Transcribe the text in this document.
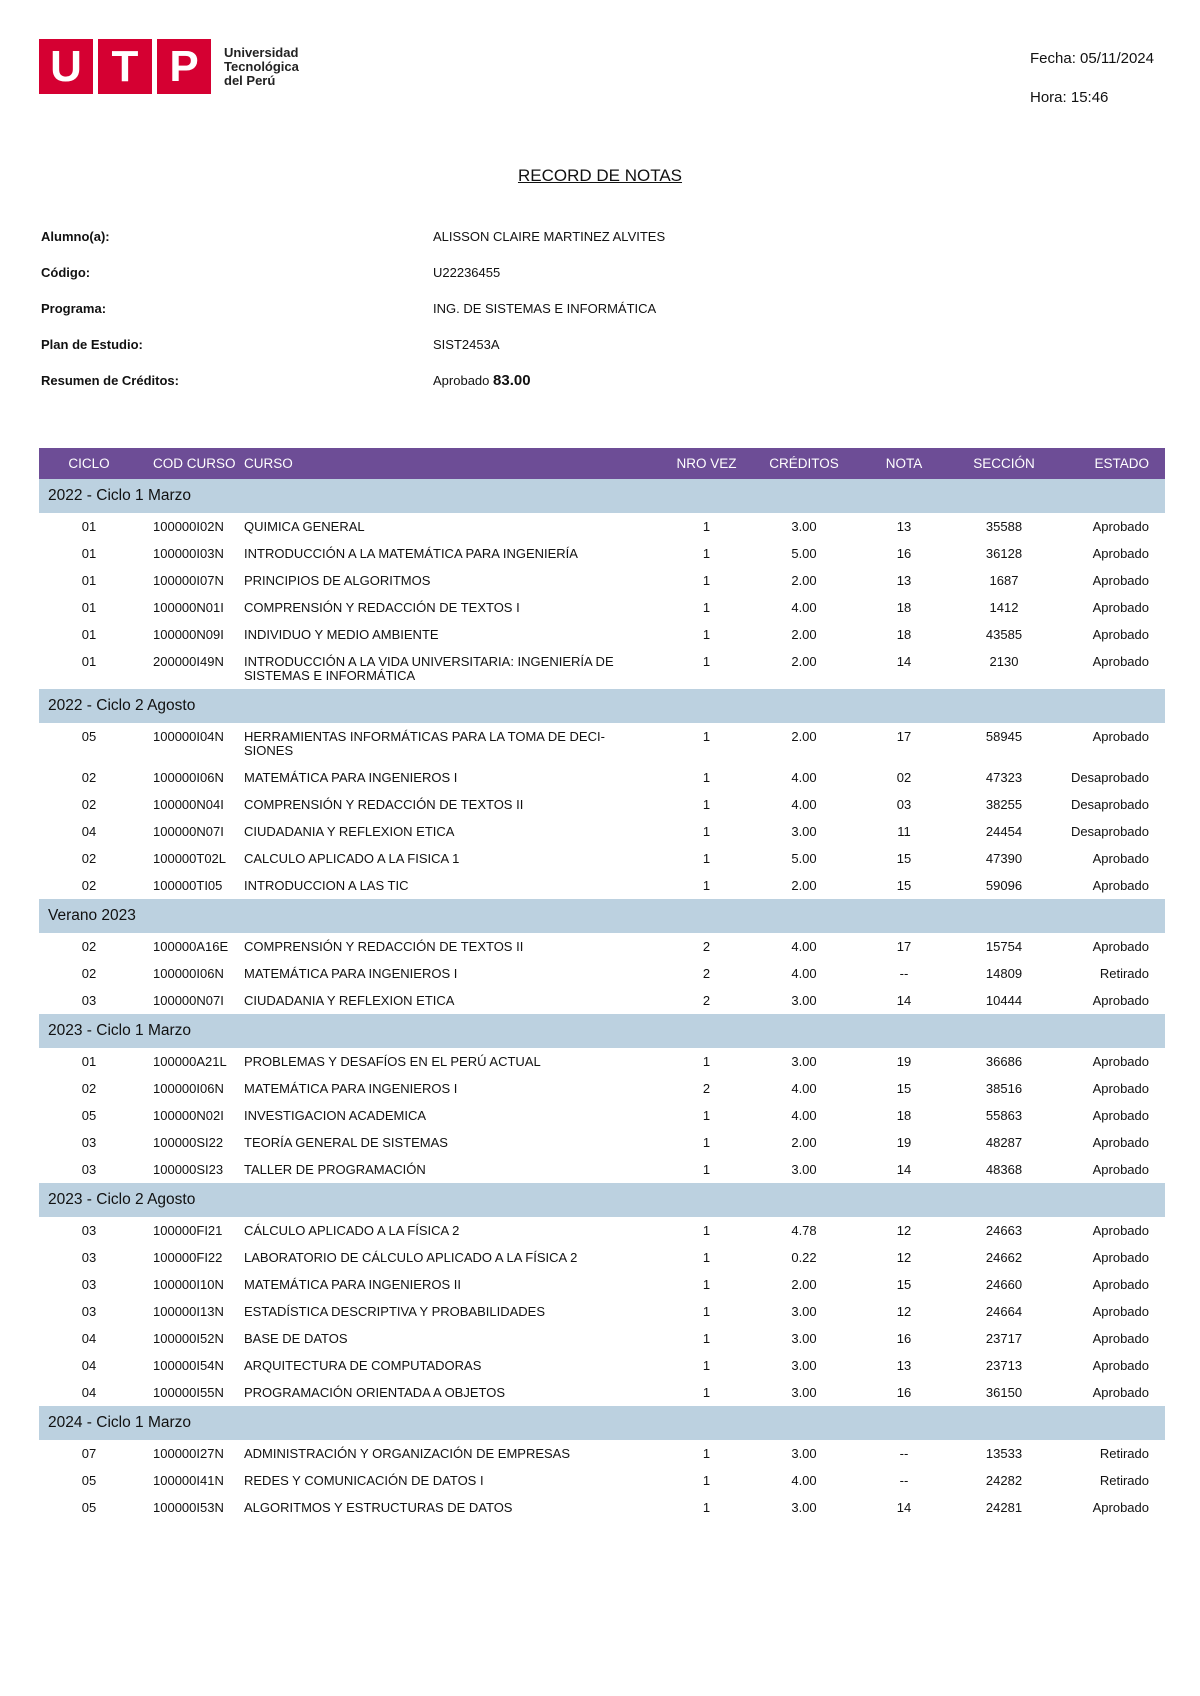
U T P	Universidad
Tecnológica
del Perú
Fecha: 05/11/2024
Hora: 15:46
RECORD DE NOTAS
Alumno(a):	ALISSON CLAIRE MARTINEZ ALVITES
Código:	U22236455
Programa:	ING. DE SISTEMAS E INFORMÁTICA
Plan de Estudio:	SIST2453A
Resumen de Créditos:	Aprobado 83.00
CICLO	COD CURSO	CURSO	NRO VEZ	CRÉDITOS	NOTA	SECCIÓN	ESTADO
2022 - Ciclo 1 Marzo							
01	100000I02N	QUIMICA GENERAL	1	3.00	13	35588	Aprobado
01	100000I03N	INTRODUCCIÓN A LA MATEMÁTICA PARA INGENIERÍA	1	5.00	16	36128	Aprobado
01	100000I07N	PRINCIPIOS DE ALGORITMOS	1	2.00	13	1687	Aprobado
01	100000N01I	COMPRENSIÓN Y REDACCIÓN DE TEXTOS I	1	4.00	18	1412	Aprobado
01	100000N09I	INDIVIDUO Y MEDIO AMBIENTE	1	2.00	18	43585	Aprobado
01	200000I49N	INTRODUCCIÓN A LA VIDA UNIVERSITARIA: INGENIERÍA DE SISTEMAS E INFORMÁTICA	1	2.00	14	2130	Aprobado
2022 - Ciclo 2 Agosto							
05	100000I04N	HERRAMIENTAS INFORMÁTICAS PARA LA TOMA DE DECI-SIONES	1	2.00	17	58945	Aprobado
02	100000I06N	MATEMÁTICA PARA INGENIEROS I	1	4.00	02	47323	Desaprobado
02	100000N04I	COMPRENSIÓN Y REDACCIÓN DE TEXTOS II	1	4.00	03	38255	Desaprobado
04	100000N07I	CIUDADANIA Y REFLEXION ETICA	1	3.00	11	24454	Desaprobado
02	100000T02L	CALCULO APLICADO A LA FISICA 1	1	5.00	15	47390	Aprobado
02	100000TI05	INTRODUCCION A LAS TIC	1	2.00	15	59096	Aprobado
Verano 2023							
02	100000A16E	COMPRENSIÓN Y REDACCIÓN DE TEXTOS II	2	4.00	17	15754	Aprobado
02	100000I06N	MATEMÁTICA PARA INGENIEROS I	2	4.00	--	14809	Retirado
03	100000N07I	CIUDADANIA Y REFLEXION ETICA	2	3.00	14	10444	Aprobado
2023 - Ciclo 1 Marzo							
01	100000A21L	PROBLEMAS Y DESAFÍOS EN EL PERÚ ACTUAL	1	3.00	19	36686	Aprobado
02	100000I06N	MATEMÁTICA PARA INGENIEROS I	2	4.00	15	38516	Aprobado
05	100000N02I	INVESTIGACION ACADEMICA	1	4.00	18	55863	Aprobado
03	100000SI22	TEORÍA GENERAL DE SISTEMAS	1	2.00	19	48287	Aprobado
03	100000SI23	TALLER DE PROGRAMACIÓN	1	3.00	14	48368	Aprobado
2023 - Ciclo 2 Agosto							
03	100000FI21	CÁLCULO APLICADO A LA FÍSICA 2	1	4.78	12	24663	Aprobado
03	100000FI22	LABORATORIO DE CÁLCULO APLICADO A LA FÍSICA 2	1	0.22	12	24662	Aprobado
03	100000I10N	MATEMÁTICA PARA INGENIEROS II	1	2.00	15	24660	Aprobado
03	100000I13N	ESTADÍSTICA DESCRIPTIVA Y PROBABILIDADES	1	3.00	12	24664	Aprobado
04	100000I52N	BASE DE DATOS	1	3.00	16	23717	Aprobado
04	100000I54N	ARQUITECTURA DE COMPUTADORAS	1	3.00	13	23713	Aprobado
04	100000I55N	PROGRAMACIÓN ORIENTADA A OBJETOS	1	3.00	16	36150	Aprobado
2024 - Ciclo 1 Marzo							
07	100000I27N	ADMINISTRACIÓN Y ORGANIZACIÓN DE EMPRESAS	1	3.00	--	13533	Retirado
05	100000I41N	REDES Y COMUNICACIÓN DE DATOS I	1	4.00	--	24282	Retirado
05	100000I53N	ALGORITMOS Y ESTRUCTURAS DE DATOS	1	3.00	14	24281	Aprobado
